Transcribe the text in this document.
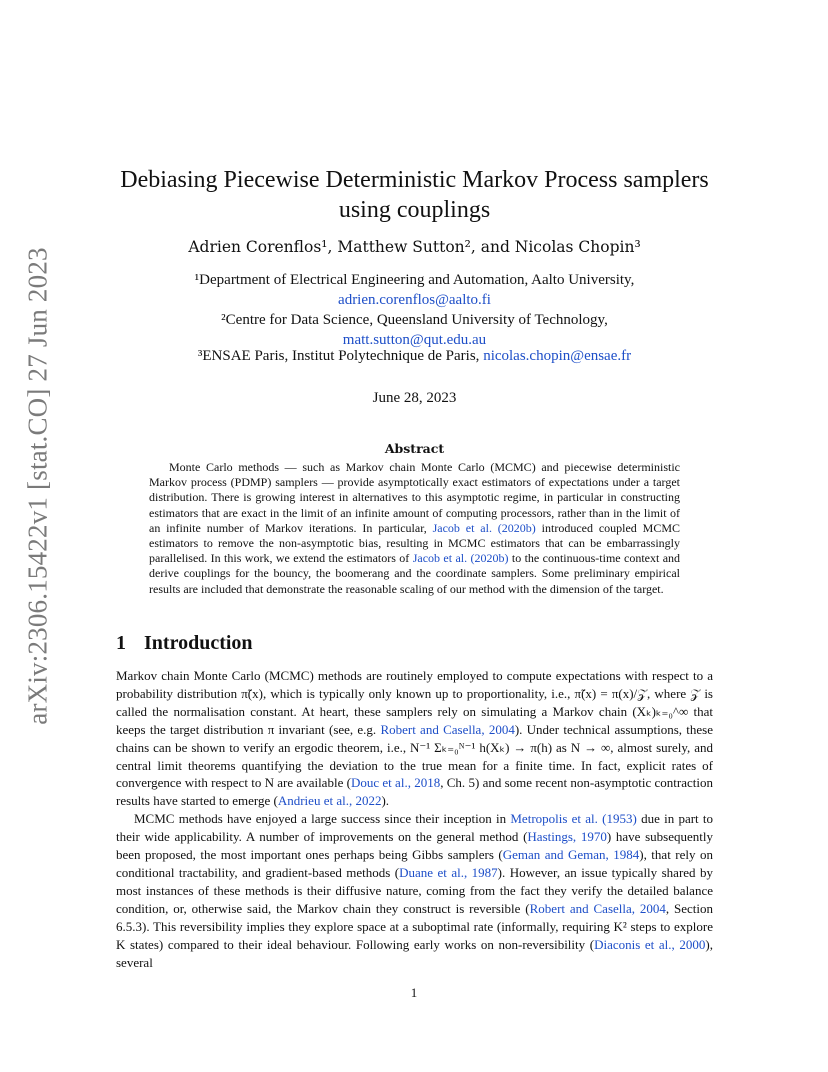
arXiv:2306.15422v1 [stat.CO] 27 Jun 2023
Debiasing Piecewise Deterministic Markov Process samplers
using couplings
Adrien Corenflos¹, Matthew Sutton², and Nicolas Chopin³
¹Department of Electrical Engineering and Automation, Aalto University,
adrien.corenflos@aalto.fi
²Centre for Data Science, Queensland University of Technology,
matt.sutton@qut.edu.au
³ENSAE Paris, Institut Polytechnique de Paris, nicolas.chopin@ensae.fr
June 28, 2023
Abstract

Monte Carlo methods — such as Markov chain Monte Carlo (MCMC) and piecewise deterministic Markov process (PDMP) samplers — provide asymptotically exact estimators of expectations under a target distribution. There is growing interest in alternatives to this asymptotic regime, in particular in constructing estimators that are exact in the limit of an infinite amount of computing processors, rather than in the limit of an infinite number of Markov iterations. In particular, Jacob et al. (2020b) introduced coupled MCMC estimators to remove the non-asymptotic bias, resulting in MCMC estimators that can be embarrassingly parallelised. In this work, we extend the estimators of Jacob et al. (2020b) to the continuous-time context and derive couplings for the bouncy, the boomerang and the coordinate samplers. Some preliminary empirical results are included that demonstrate the reasonable scaling of our method with the dimension of the target.

1 Introduction

Markov chain Monte Carlo (MCMC) methods are routinely employed to compute expectations with respect to a probability distribution π̃(x), which is typically only known up to proportionality, i.e., π̃(x) = π(x)/𝒵, where 𝒵 is called the normalisation constant. At heart, these samplers rely on simulating a Markov chain (Xₖ)ₖ₌₀^∞ that keeps the target distribution π invariant (see, e.g. Robert and Casella, 2004). Under technical assumptions, these chains can be shown to verify an ergodic theorem, i.e., N⁻¹ Σₖ₌₀ᴺ⁻¹ h(Xₖ) → π(h) as N → ∞, almost surely, and central limit theorems quantifying the deviation to the true mean for a finite time. In fact, explicit rates of convergence with respect to N are available (Douc et al., 2018, Ch. 5) and some recent non-asymptotic contraction results have started to emerge (Andrieu et al., 2022).

MCMC methods have enjoyed a large success since their inception in Metropolis et al. (1953) due in part to their wide applicability. A number of improvements on the general method (Hastings, 1970) have subsequently been proposed, the most important ones perhaps being Gibbs samplers (Geman and Geman, 1984), that rely on conditional tractability, and gradient-based methods (Duane et al., 1987). However, an issue typically shared by most instances of these methods is their diffusive nature, coming from the fact they verify the detailed balance condition, or, otherwise said, the Markov chain they construct is reversible (Robert and Casella, 2004, Section 6.5.3). This reversibility implies they explore space at a suboptimal rate (informally, requiring K² steps to explore K states) compared to their ideal behaviour. Following early works on non-reversibility (Diaconis et al., 2000), several

1
